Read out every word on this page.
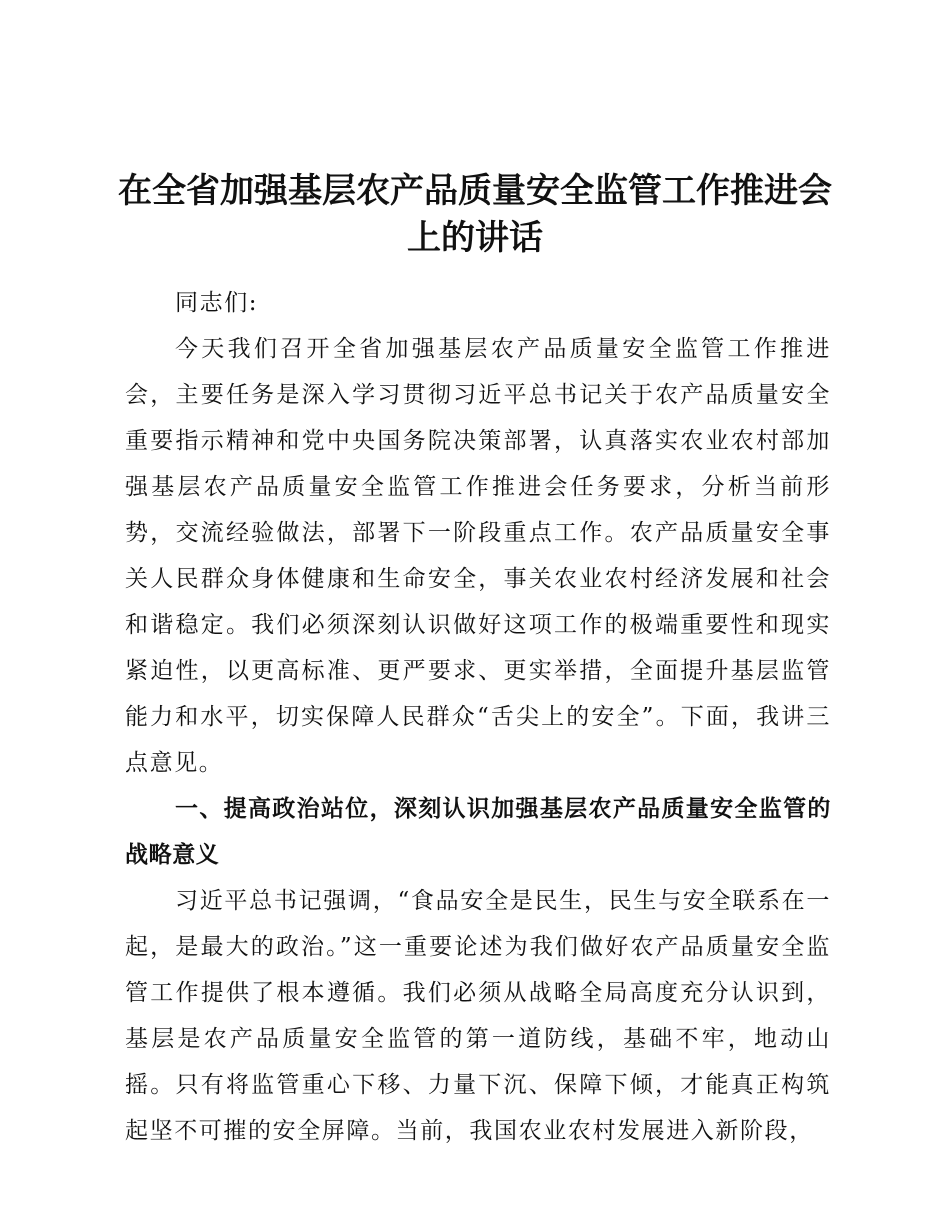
在全省加强基层农产品质量安全监管工作推进会上的讲话

同志们:

今天我们召开全省加强基层农产品质量安全监管工作推进会，主要任务是深入学习贯彻习近平总书记关于农产品质量安全重要指示精神和党中央国务院决策部署，认真落实农业农村部加强基层农产品质量安全监管工作推进会任务要求，分析当前形势，交流经验做法，部署下一阶段重点工作。农产品质量安全事关人民群众身体健康和生命安全，事关农业农村经济发展和社会和谐稳定。我们必须深刻认识做好这项工作的极端重要性和现实紧迫性，以更高标准、更严要求、更实举措，全面提升基层监管能力和水平，切实保障人民群众“舌尖上的安全”。下面，我讲三点意见。

一、提高政治站位，深刻认识加强基层农产品质量安全监管的战略意义

习近平总书记强调，“食品安全是民生，民生与安全联系在一起，是最大的政治。”这一重要论述为我们做好农产品质量安全监管工作提供了根本遵循。我们必须从战略全局高度充分认识到，基层是农产品质量安全监管的第一道防线，基础不牢，地动山摇。只有将监管重心下移、力量下沉、保障下倾，才能真正构筑起坚不可摧的安全屏障。当前，我国农业农村发展进入新阶段，
